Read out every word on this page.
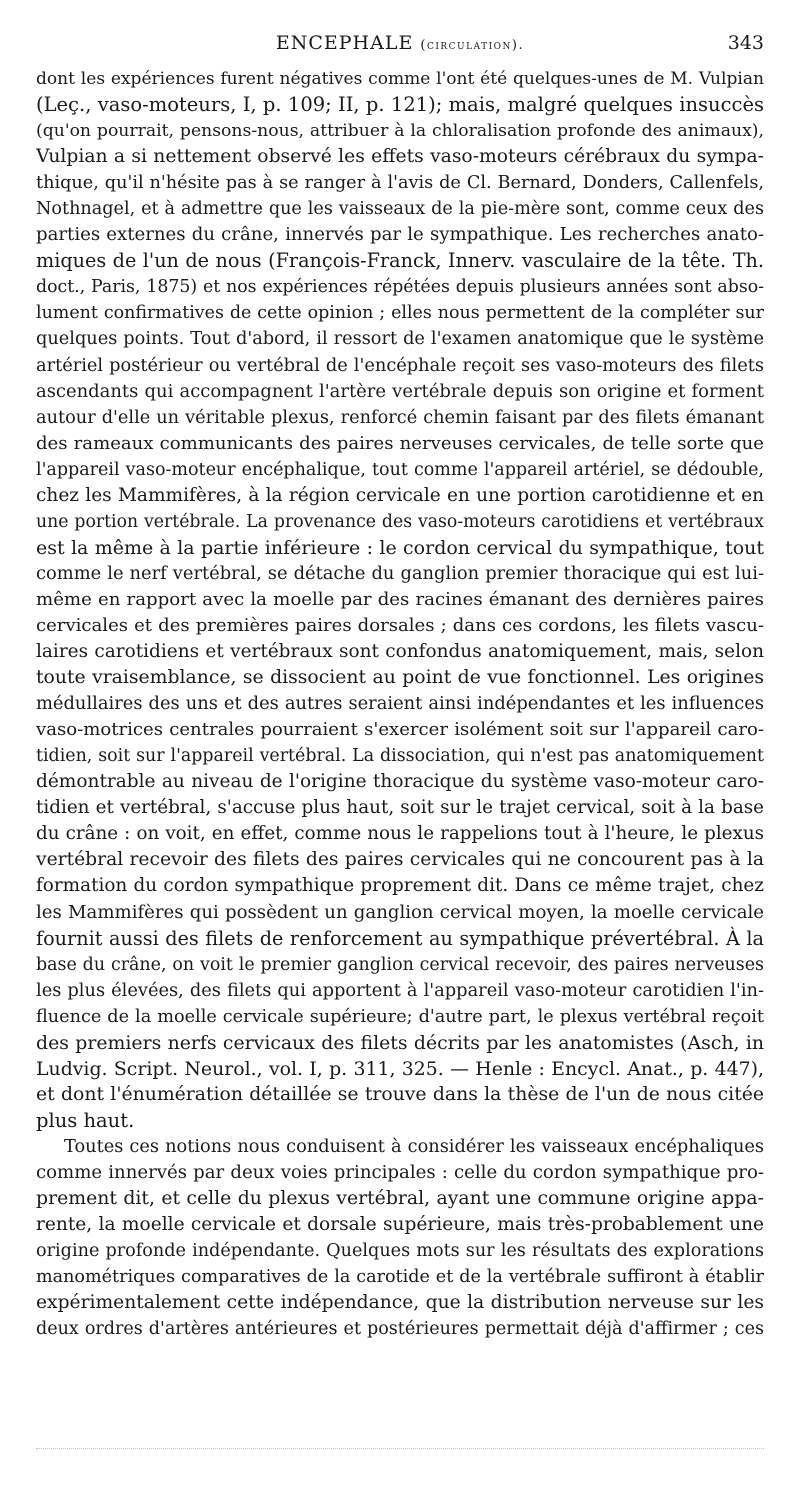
ENCEPHALE (circulation).	343
dont les expériences furent négatives comme l'ont été quelques-unes de M. Vulpian
(Leç., vaso-moteurs, I, p. 109; II, p. 121); mais, malgré quelques insuccès
(qu'on pourrait, pensons-nous, attribuer à la chloralisation profonde des animaux),
Vulpian a si nettement observé les effets vaso-moteurs cérébraux du sympa-
thique, qu'il n'hésite pas à se ranger à l'avis de Cl. Bernard, Donders, Callenfels,
Nothnagel, et à admettre que les vaisseaux de la pie-mère sont, comme ceux des
parties externes du crâne, innervés par le sympathique. Les recherches anato-
miques de l'un de nous (François-Franck, Innerv. vasculaire de la tête. Th.
doct., Paris, 1875) et nos expériences répétées depuis plusieurs années sont abso-
lument confirmatives de cette opinion ; elles nous permettent de la compléter sur
quelques points. Tout d'abord, il ressort de l'examen anatomique que le système
artériel postérieur ou vertébral de l'encéphale reçoit ses vaso-moteurs des filets
ascendants qui accompagnent l'artère vertébrale depuis son origine et forment
autour d'elle un véritable plexus, renforcé chemin faisant par des filets émanant
des rameaux communicants des paires nerveuses cervicales, de telle sorte que
l'appareil vaso-moteur encéphalique, tout comme l'appareil artériel, se dédouble,
chez les Mammifères, à la région cervicale en une portion carotidienne et en
une portion vertébrale. La provenance des vaso-moteurs carotidiens et vertébraux
est la même à la partie inférieure : le cordon cervical du sympathique, tout
comme le nerf vertébral, se détache du ganglion premier thoracique qui est lui-
même en rapport avec la moelle par des racines émanant des dernières paires
cervicales et des premières paires dorsales ; dans ces cordons, les filets vascu-
laires carotidiens et vertébraux sont confondus anatomiquement, mais, selon
toute vraisemblance, se dissocient au point de vue fonctionnel. Les origines
médullaires des uns et des autres seraient ainsi indépendantes et les influences
vaso-motrices centrales pourraient s'exercer isolément soit sur l'appareil caro-
tidien, soit sur l'appareil vertébral. La dissociation, qui n'est pas anatomiquement
démontrable au niveau de l'origine thoracique du système vaso-moteur caro-
tidien et vertébral, s'accuse plus haut, soit sur le trajet cervical, soit à la base
du crâne : on voit, en effet, comme nous le rappelions tout à l'heure, le plexus
vertébral recevoir des filets des paires cervicales qui ne concourent pas à la
formation du cordon sympathique proprement dit. Dans ce même trajet, chez
les Mammifères qui possèdent un ganglion cervical moyen, la moelle cervicale
fournit aussi des filets de renforcement au sympathique prévertébral. À la
base du crâne, on voit le premier ganglion cervical recevoir, des paires nerveuses
les plus élevées, des filets qui apportent à l'appareil vaso-moteur carotidien l'in-
fluence de la moelle cervicale supérieure; d'autre part, le plexus vertébral reçoit
des premiers nerfs cervicaux des filets décrits par les anatomistes (Asch, in
Ludvig. Script. Neurol., vol. I, p. 311, 325. — Henle : Encycl. Anat., p. 447),
et dont l'énumération détaillée se trouve dans la thèse de l'un de nous citée
plus haut.
Toutes ces notions nous conduisent à considérer les vaisseaux encéphaliques
comme innervés par deux voies principales : celle du cordon sympathique pro-
prement dit, et celle du plexus vertébral, ayant une commune origine appa-
rente, la moelle cervicale et dorsale supérieure, mais très-probablement une
origine profonde indépendante. Quelques mots sur les résultats des explorations
manométriques comparatives de la carotide et de la vertébrale suffiront à établir
expérimentalement cette indépendance, que la distribution nerveuse sur les
deux ordres d'artères antérieures et postérieures permettait déjà d'affirmer ; ces
